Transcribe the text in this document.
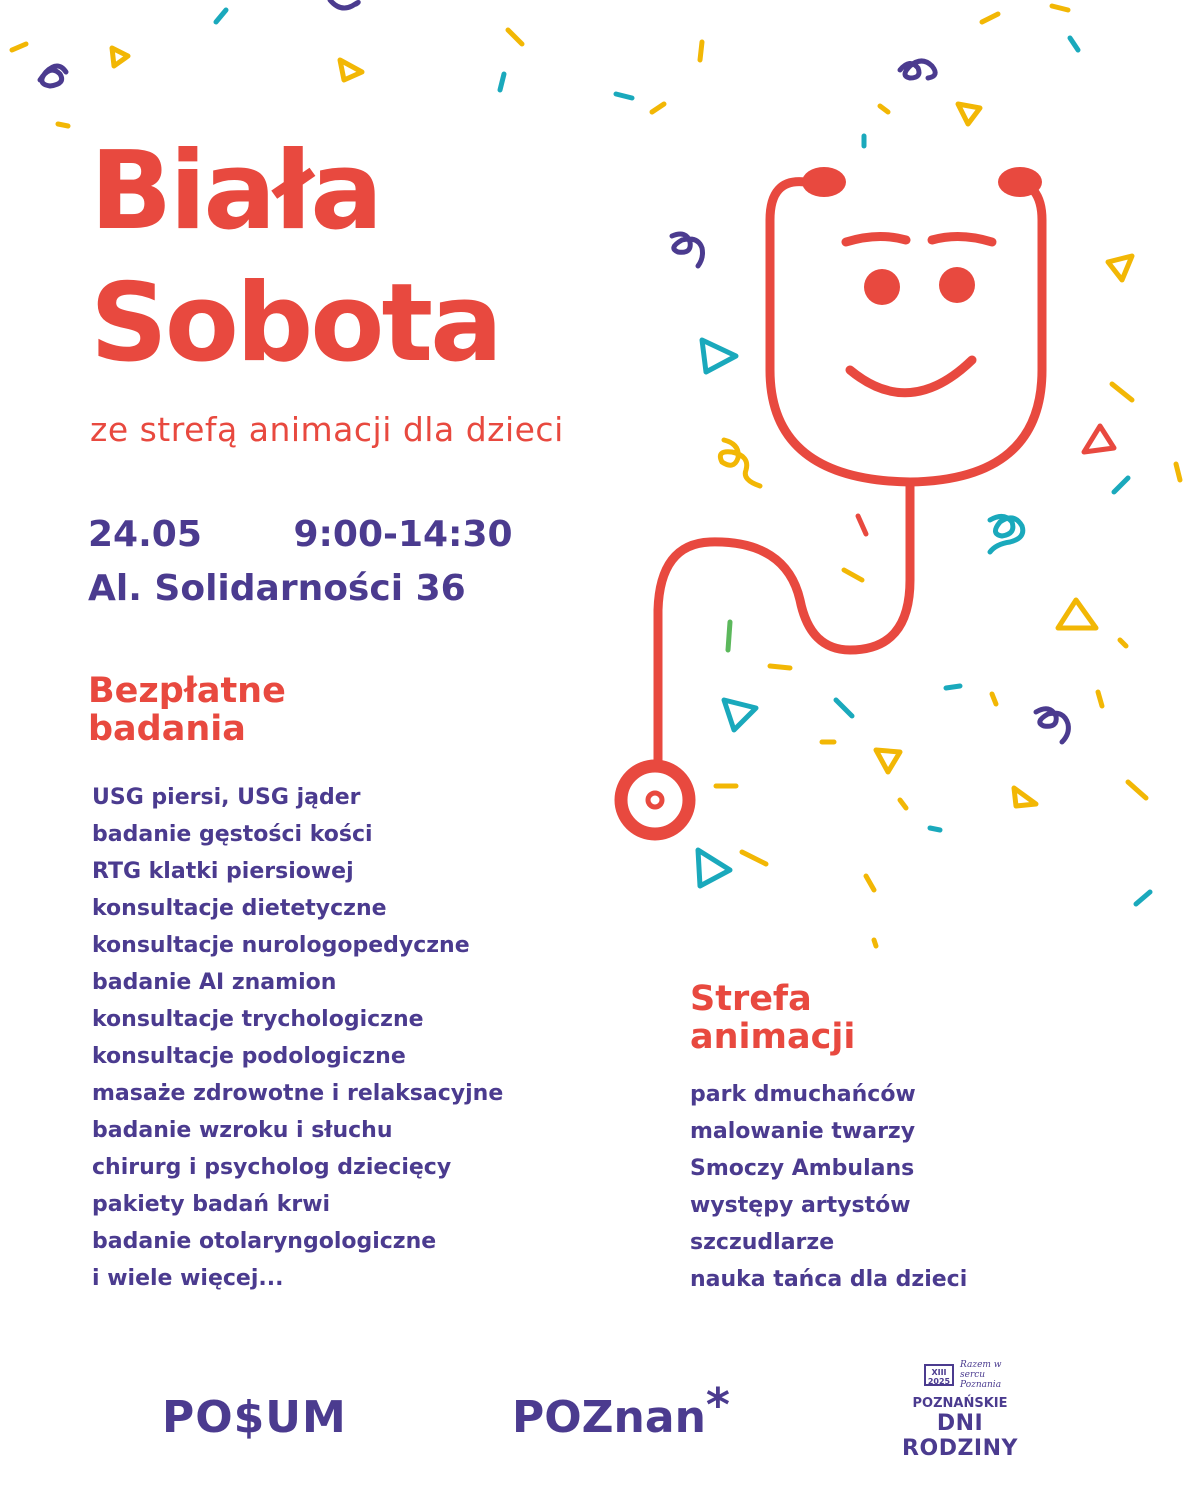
Biała
Sobota
ze strefą animacji dla dzieci
24.05   9:00-14:30
Al. Solidarności 36
Bezpłatne
badania
USG piersi, USG jąder
badanie gęstości kości
RTG klatki piersiowej
konsultacje dietetyczne
konsultacje nurologopedyczne
badanie AI znamion
konsultacje trychologiczne
konsultacje podologiczne
masaże zdrowotne i relaksacyjne
badanie wzroku i słuchu
chirurg i psycholog dziecięcy
pakiety badań krwi
badanie otolaryngologiczne
i wiele więcej...
Strefa
animacji
park dmuchańców
malowanie twarzy
Smoczy Ambulans
występy artystów
szczudlarze
nauka tańca dla dzieci
PO$UM	POZnan*
XIII 2025
Razem w sercu Poznania
POZNAŃSKIE
DNI RODZINY
